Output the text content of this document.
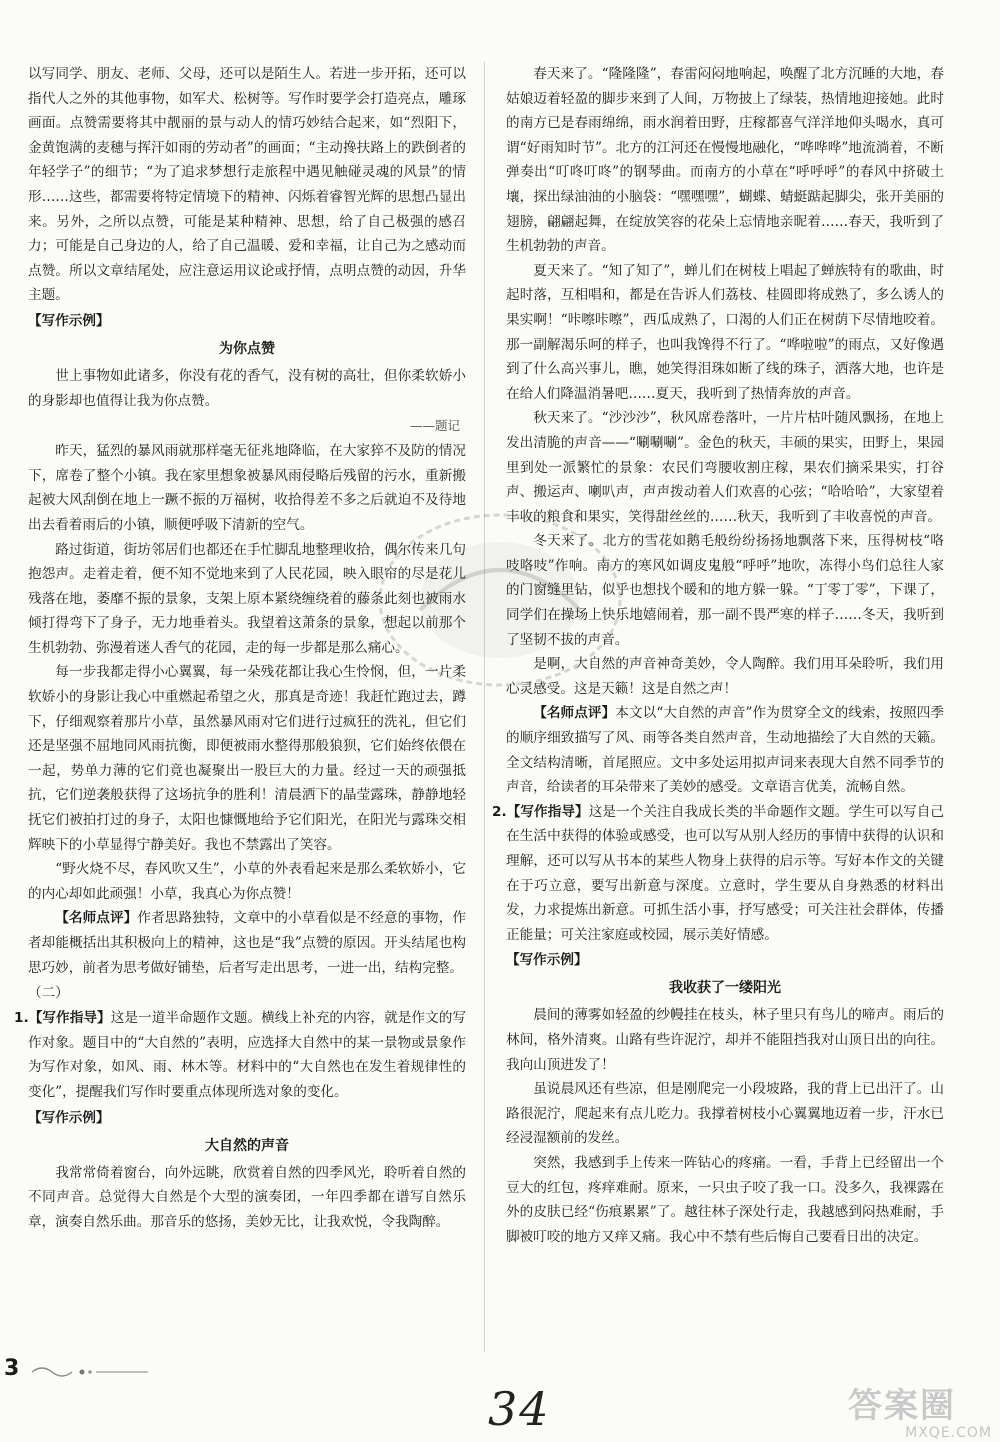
以写同学、朋友、老师、父母，还可以是陌生人。若进一步开拓，还可以指代人之外的其他事物，如军犬、松树等。写作时要学会打造亮点，雕琢画面。点赞需要将其中靓丽的景与动人的情巧妙结合起来，如“烈阳下，金黄饱满的麦穗与挥汗如雨的劳动者”的画面；“主动搀扶路上的跌倒者的年轻学子”的细节；“为了追求梦想行走旅程中遇见触碰灵魂的风景”的情形……这些，都需要将特定情境下的精神、闪烁着睿智光辉的思想凸显出来。另外，之所以点赞，可能是某种精神、思想，给了自己极强的感召力；可能是自己身边的人，给了自己温暖、爱和幸福，让自己为之感动而点赞。所以文章结尾处，应注意运用议论或抒情，点明点赞的动因，升华主题。

【写作示例】
为你点赞

世上事物如此诸多，你没有花的香气，没有树的高壮，但你柔软娇小的身影却也值得让我为你点赞。

——题记

昨天，猛烈的暴风雨就那样毫无征兆地降临，在大家猝不及防的情况下，席卷了整个小镇。我在家里想象被暴风雨侵略后残留的污水，重新搬起被大风刮倒在地上一蹶不振的万福树，收拾得差不多之后就迫不及待地出去看着雨后的小镇，顺便呼吸下清新的空气。

路过街道，街坊邻居们也都还在手忙脚乱地整理收拾，偶尔传来几句抱怨声。走着走着，便不知不觉地来到了人民花园，映入眼帘的尽是花儿残落在地，萎靡不振的景象，支架上原本紧绕缠绕着的藤条此刻也被雨水倾打得弯下了身子，无力地垂着头。我望着这萧条的景象，想起以前那个生机勃勃、弥漫着迷人香气的花园，走的每一步都是那么痛心。

每一步我都走得小心翼翼，每一朵残花都让我心生怜悯，但，一片柔软娇小的身影让我心中重燃起希望之火，那真是奇迹！我赶忙跑过去，蹲下，仔细观察着那片小草，虽然暴风雨对它们进行过疯狂的洗礼，但它们还是坚强不屈地同风雨抗衡，即便被雨水整得那般狼狈，它们始终依偎在一起，势单力薄的它们竟也凝聚出一股巨大的力量。经过一天的顽强抵抗，它们逆袭般获得了这场抗争的胜利！清晨洒下的晶莹露珠，静静地轻抚它们被拍打过的身子，太阳也慷慨地给予它们阳光，在阳光与露珠交相辉映下的小草显得宁静美好。我也不禁露出了笑容。

“野火烧不尽，春风吹又生”，小草的外表看起来是那么柔软娇小，它的内心却如此顽强！小草，我真心为你点赞！

【名师点评】作者思路独特，文章中的小草看似是不经意的事物，作者却能概括出其积极向上的精神，这也是“我”点赞的原因。开头结尾也构思巧妙，前者为思考做好铺垫，后者写走出思考，一进一出，结构完整。

（二）

1.【写作指导】这是一道半命题作文题。横线上补充的内容，就是作文的写作对象。题目中的“大自然的”表明，应选择大自然中的某一景物或景象作为写作对象，如风、雨、林木等。材料中的“大自然也在发生着规律性的变化”，提醒我们写作时要重点体现所选对象的变化。

【写作示例】
大自然的声音

我常常倚着窗台，向外远眺，欣赏着自然的四季风光，聆听着自然的不同声音。总觉得大自然是个大型的演奏团，一年四季都在谱写自然乐章，演奏自然乐曲。那音乐的悠扬，美妙无比，让我欢悦，令我陶醉。

春天来了。“隆隆隆”，春雷闷闷地响起，唤醒了北方沉睡的大地，春姑娘迈着轻盈的脚步来到了人间，万物披上了绿装，热情地迎接她。此时的南方已是春雨绵绵，雨水润着田野，庄稼都喜气洋洋地仰头喝水，真可谓“好雨知时节”。北方的江河还在慢慢地融化，“哗哗哗”地流淌着，不断弹奏出“叮咚叮咚”的钢琴曲。而南方的小草在“呼呼呼”的春风中挤破土壤，探出绿油油的小脑袋：“嘿嘿嘿”，蝴蝶、蜻蜓踮起脚尖，张开美丽的翅膀，翩翩起舞，在绽放笑容的花朵上忘情地亲昵着……春天，我听到了生机勃勃的声音。

夏天来了。“知了知了”，蝉儿们在树枝上唱起了蝉族特有的歌曲，时起时落，互相唱和，都是在告诉人们荔枝、桂圆即将成熟了，多么诱人的果实啊！“咔嚓咔嚓”，西瓜成熟了，口渴的人们正在树荫下尽情地咬着。那一副解渴乐呵的样子，也叫我馋得不行了。“哗啦啦”的雨点，又好像遇到了什么高兴事儿，瞧，她笑得泪珠如断了线的珠子，洒落大地，也许是在给人们降温消暑吧……夏天，我听到了热情奔放的声音。

秋天来了。“沙沙沙”，秋风席卷落叶，一片片枯叶随风飘扬，在地上发出清脆的声音——“唰唰唰”。金色的秋天，丰硕的果实，田野上，果园里到处一派繁忙的景象：农民们弯腰收割庄稼，果农们摘采果实，打谷声、搬运声、喇叭声，声声拨动着人们欢喜的心弦；“哈哈哈”，大家望着丰收的粮食和果实，笑得甜丝丝的……秋天，我听到了丰收喜悦的声音。

冬天来了。北方的雪花如鹅毛般纷纷扬扬地飘落下来，压得树枝“咯吱咯吱”作响。南方的寒风如调皮鬼般“呼呼”地吹，冻得小鸟们总往人家的门窗缝里钻，似乎也想找个暖和的地方躲一躲。“丁零丁零”，下课了，同学们在操场上快乐地嬉闹着，那一副不畏严寒的样子……冬天，我听到了坚韧不拔的声音。

是啊，大自然的声音神奇美妙，令人陶醉。我们用耳朵聆听，我们用心灵感受。这是天籁！这是自然之声！

【名师点评】本文以“大自然的声音”作为贯穿全文的线索，按照四季的顺序细致描写了风、雨等各类自然声音，生动地描绘了大自然的天籁。全文结构清晰，首尾照应。文中多处运用拟声词来表现大自然不同季节的声音，给读者的耳朵带来了美妙的感受。文章语言优美，流畅自然。

2.【写作指导】这是一个关注自我成长类的半命题作文题。学生可以写自己在生活中获得的体验或感受，也可以写从别人经历的事情中获得的认识和理解，还可以写从书本的某些人物身上获得的启示等。写好本作文的关键在于巧立意，要写出新意与深度。立意时，学生要从自身熟悉的材料出发，力求提炼出新意。可抓生活小事，抒写感受；可关注社会群体，传播正能量；可关注家庭或校园，展示美好情感。

【写作示例】
我收获了一缕阳光

晨间的薄雾如轻盈的纱幔挂在枝头，林子里只有鸟儿的啼声。雨后的林间，格外清爽。山路有些许泥泞，却并不能阻挡我对山顶日出的向往。我向山顶进发了！

虽说晨风还有些凉，但是刚爬完一小段坡路，我的背上已出汗了。山路很泥泞，爬起来有点儿吃力。我撑着树枝小心翼翼地迈着一步，汗水已经浸湿额前的发丝。

突然，我感到手上传来一阵钻心的疼痛。一看，手背上已经留出一个豆大的红包，疼痒难耐。原来，一只虫子咬了我一口。没多久，我裸露在外的皮肤已经“伤痕累累”了。越往林子深处行走，我越感到闷热难耐，手脚被叮咬的地方又痒又痛。我心中不禁有些后悔自己要看日出的决定。

3
34	答案圈
MXQE.COM
